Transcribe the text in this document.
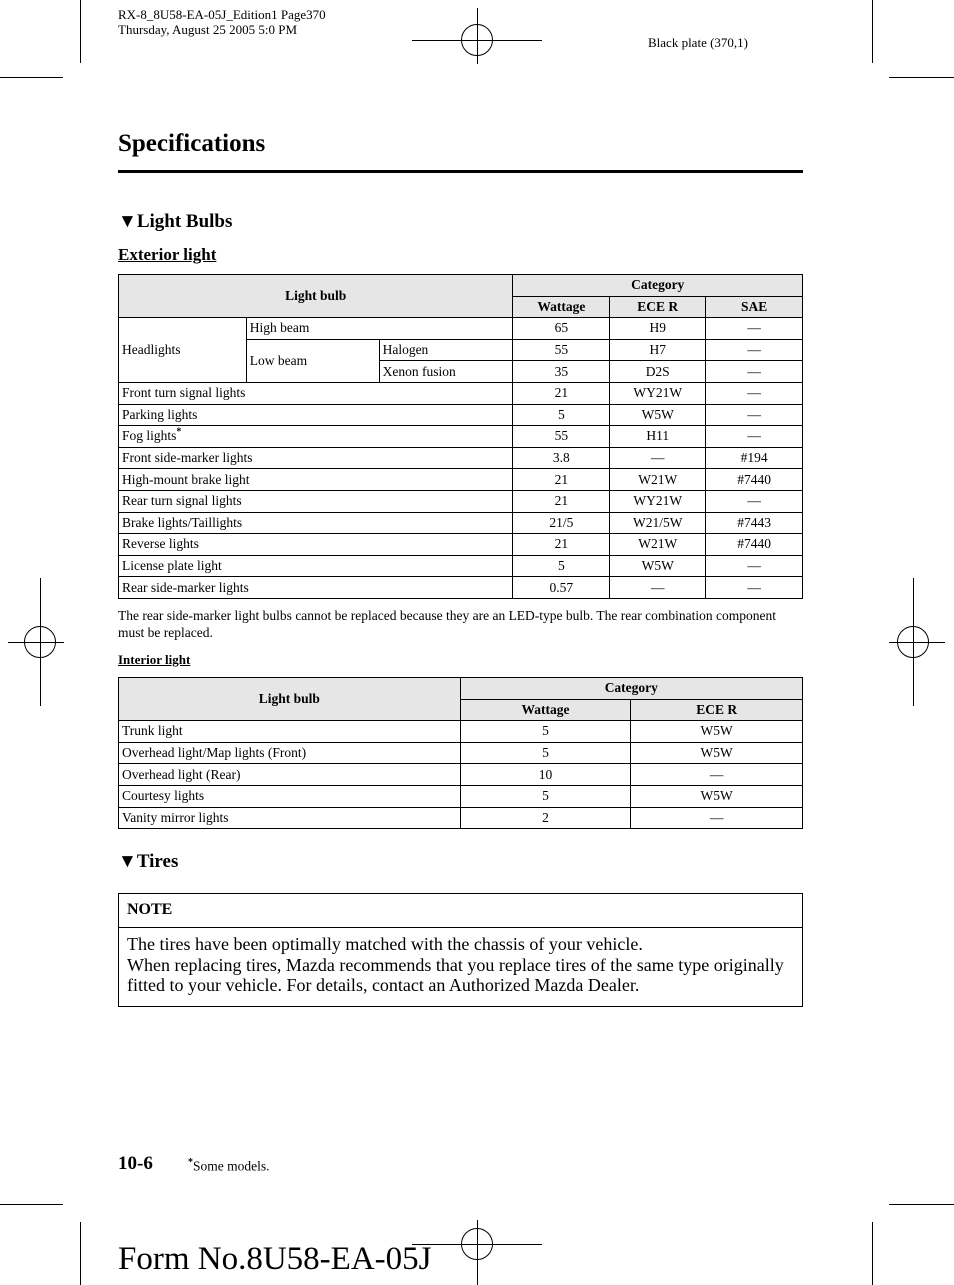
RX-8_8U58-EA-05J_Edition1 Page370
Thursday, August 25 2005 5:0 PM
Black plate (370,1)
Specifications
▼Light Bulbs
Exterior light
Light bulb			Category		
			Wattage	ECE R	SAE
Headlights	High beam		65	H9	—
	Low beam	Halogen	55	H7	—
		Xenon fusion	35	D2S	—
Front turn signal lights			21	WY21W	—
Parking lights			5	W5W	—
Fog lights*			55	H11	—
Front side-marker lights			3.8	—	#194
High-mount brake light			21	W21W	#7440
Rear turn signal lights			21	WY21W	—
Brake lights/Taillights			21/5	W21/5W	#7443
Reverse lights			21	W21W	#7440
License plate light			5	W5W	—
Rear side-marker lights			0.57	—	—
The rear side-marker light bulbs cannot be replaced because they are an LED-type bulb. The rear combination component must be replaced.
Interior light
Light bulb	Category	
	Wattage	ECE R
Trunk light	5	W5W
Overhead light/Map lights (Front)	5	W5W
Overhead light (Rear)	10	—
Courtesy lights	5	W5W
Vanity mirror lights	2	—
▼Tires
NOTE
The tires have been optimally matched with the chassis of your vehicle.
When replacing tires, Mazda recommends that you replace tires of the same type originally fitted to your vehicle. For details, contact an Authorized Mazda Dealer.
10-6	*Some models.
Form No.8U58-EA-05J
